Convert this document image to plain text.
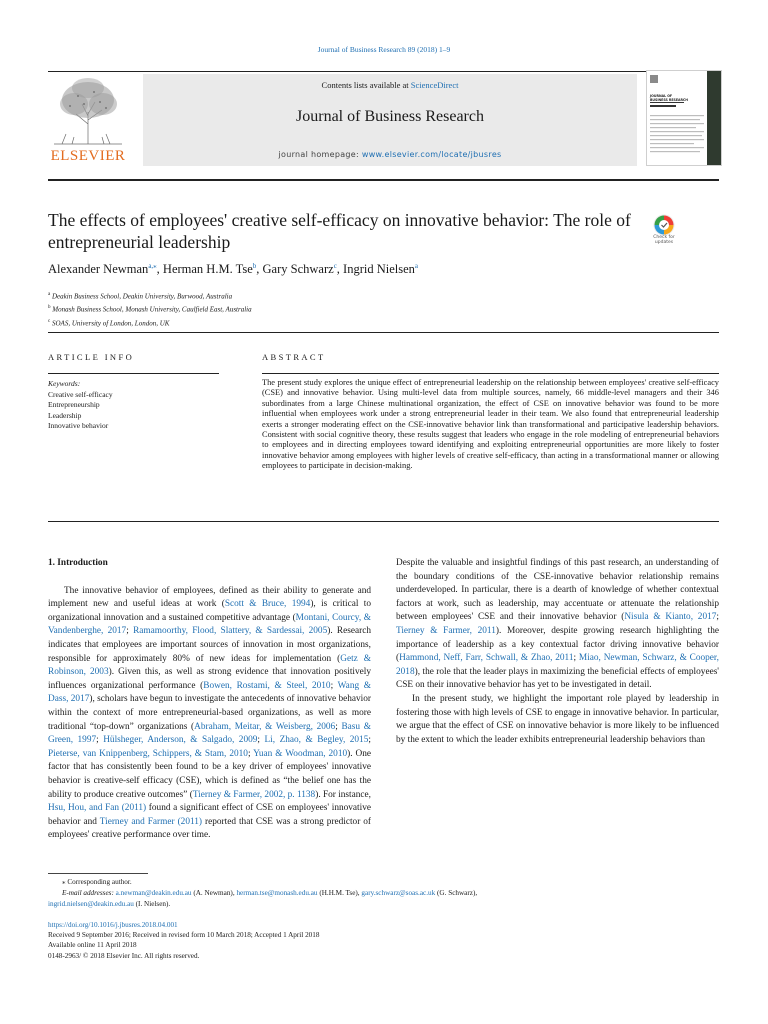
Journal of Business Research 89 (2018) 1–9
ELSEVIER
Contents lists available at ScienceDirect
Journal of Business Research
journal homepage: www.elsevier.com/locate/jbusres
JOURNAL OF BUSINESS RESEARCH
The effects of employees' creative self-efficacy on innovative behavior: The role of entrepreneurial leadership	Check for
updates
Alexander Newman$^{a,⁎}$, Herman H.M. Tse$^b$, Gary Schwarz$^c$, Ingrid Nielsen$^a$
$^a$ Deakin Business School, Deakin University, Burwood, Australia
$^b$ Monash Business School, Monash University, Caulfield East, Australia
$^c$ SOAS, University of London, London, UK
ARTICLE INFO	ABSTRACT
Keywords:
Creative self-efficacy
Entrepreneurship
Leadership
Innovative behavior
The present study explores the unique effect of entrepreneurial leadership on the relationship between employees' creative self-efficacy (CSE) and innovative behavior. Using multi-level data from multiple sources, namely, 66 middle-level managers and their 346 subordinates from a large Chinese multinational organization, the effect of CSE on innovative behavior was found to be more influential when employees work under a strong entrepreneurial leader in their team. We also found that entrepreneurial leadership exerts a stronger moderating effect on the CSE-innovative behavior link than transformational and participative leadership behaviors. Consistent with social cognitive theory, these results suggest that leaders who engage in the role modeling of entrepreneurial behaviors to employees and in directing employees toward identifying and exploiting entrepreneurial opportunities are more likely to foster innovative behavior among employees with higher levels of creative self-efficacy, than acting in a transformational manner or allowing employees to participate in decision-making.
1. Introduction

The innovative behavior of employees, defined as their ability to generate and implement new and useful ideas at work (Scott & Bruce, 1994), is critical to organizational innovation and a sustained competitive advantage (Montani, Courcy, & Vandenberghe, 2017; Ramamoorthy, Flood, Slattery, & Sardessai, 2005). Research indicates that employees are important sources of innovation in most organizations, responsible for approximately 80% of new ideas for implementation (Getz & Robinson, 2003). Given this, as well as strong evidence that innovation positively influences organizational performance (Bowen, Rostami, & Steel, 2010; Wang & Dass, 2017), scholars have begun to investigate the antecedents of innovative behavior within the context of more entrepreneurial-based organizations, as well as more traditional “top-down” organizations (Abraham, Meitar, & Weisberg, 2006; Basu & Green, 1997; Hülsheger, Anderson, & Salgado, 2009; Li, Zhao, & Begley, 2015; Pieterse, van Knippenberg, Schippers, & Stam, 2010; Yuan & Woodman, 2010). One factor that has consistently been found to be a key driver of employees' innovative behavior is creative-self efficacy (CSE), which is defined as “the belief one has the ability to produce creative outcomes” (Tierney & Farmer, 2002, p. 1138). For instance, Hsu, Hou, and Fan (2011) found a significant effect of CSE on employees' innovative behavior and Tierney and Farmer (2011) reported that CSE was a strong predictor of employees' creative performance over time.

Despite the valuable and insightful findings of this past research, an understanding of the boundary conditions of the CSE-innovative behavior relationship remains underdeveloped. In particular, there is a dearth of knowledge of whether contextual factors at work, such as leadership, may accentuate or attenuate the relationship between employees' CSE and their innovative behavior (Nisula & Kianto, 2017; Tierney & Farmer, 2011). Moreover, despite growing research highlighting the importance of leadership as a key contextual factor driving innovative behavior (Hammond, Neff, Farr, Schwall, & Zhao, 2011; Miao, Newman, Schwarz, & Cooper, 2018), the role that the leader plays in maximizing the beneficial effects of employees' CSE on their innovative behavior has yet to be investigated in detail.

In the present study, we highlight the important role played by leadership in fostering those with high levels of CSE to engage in innovative behavior. In particular, we argue that the effect of CSE on innovative behavior is more likely to be influenced by the extent to which the leader exhibits entrepreneurial leadership behaviors than

⁎ Corresponding author.
E-mail addresses: a.newman@deakin.edu.au (A. Newman), herman.tse@monash.edu.au (H.H.M. Tse), gary.schwarz@soas.ac.uk (G. Schwarz),
ingrid.nielsen@deakin.edu.au (I. Nielsen).
https://doi.org/10.1016/j.jbusres.2018.04.001
Received 9 September 2016; Received in revised form 10 March 2018; Accepted 1 April 2018
Available online 11 April 2018
0148-2963/ © 2018 Elsevier Inc. All rights reserved.
